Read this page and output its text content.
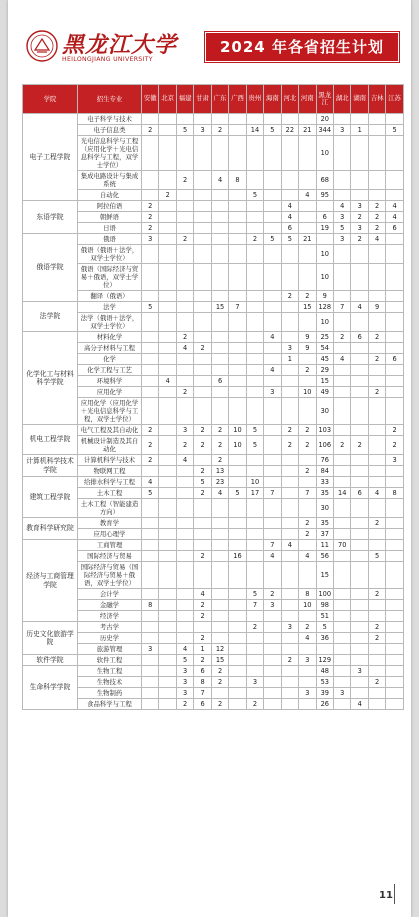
黑龙江大学
HEILONGJIANG UNIVERSITY
2024 年各省招生计划
学院	招生专业	安徽	北京	福建	甘肃	广东	广西	贵州	海南	河北	河南	黑龙江	湖北	湖南	吉林	江苏
电子工程学院	电子科学与技术											20				
	电子信息类	2		5	3	2		14	5	22	21	344	3	1		5
	光电信息科学与工程（应用化学＋光电信息科学与工程，双学士学位）											10				
	集成电路设计与集成系统			2		4	8					68				
	自动化		2					5			4	95				
东语学院	阿拉伯语	2								4			4	3	2	4
	朝鲜语	2								4		6	3	2	2	4
	日语	2								6		19	5	3	2	6
俄语学院	俄语	3		2				2	5	5	21		3	2	4	
	俄语（俄语＋法学，双学士学位）											10				
	俄语（国际经济与贸易＋俄语，双学士学位）											10				
	翻译（俄语）									2	2	9				
法学院	法学	5				15	7				15	128	7	4	9	
	法学（俄语＋法学，双学士学位）											10				
化学化工与材料科学学院	材料化学			2					4		9	25	2	6	2	
	高分子材料与工程			4	2					3	9	54				
	化学									1		45	4		2	6
	化学工程与工艺								4		2	29				
	环境科学		4			6						15				
	应用化学			2					3		10	49			2	
	应用化学（应用化学＋光电信息科学与工程，双学士学位）											30				
机电工程学院	电气工程及其自动化	2		3	2	2	10	5		2	2	103				2
	机械设计制造及其自动化	2		2	2	2	10	5		2	2	106	2	2		2
计算机科学技术学院	计算机科学与技术	2		4		2						76				3
	物联网工程				2	13					2	84				
建筑工程学院	给排水科学与工程	4			5	23		10				33				
	土木工程	5			2	4	5	17	7		7	35	14	6	4	8
	土木工程（智能建造方向）											30				
教育科学研究院	教育学										2	35			2	
	应用心理学										2	37				
经济与工商管理学院	工商管理								7	4		11	70			
	国际经济与贸易				2		16		4		4	56			5	
	国际经济与贸易（国际经济与贸易＋俄语，双学士学位）											15				
	会计学				4			5	2		8	100			2	
	金融学	8			2			7	3		10	98				
	经济学				2							51				
历史文化旅游学院	考古学							2		3	2	5			2	
	历史学				2						4	36			2	
	旅游管理	3		4	1	12										
软件学院	软件工程			5	2	15				2	3	129				
生命科学学院	生物工程			3	6	2						48		3		
	生物技术			3	8	2		3				53			2	
	生物制药			3	7						3	39	3			
	食品科学与工程			2	6	2		2				26		4		
11
